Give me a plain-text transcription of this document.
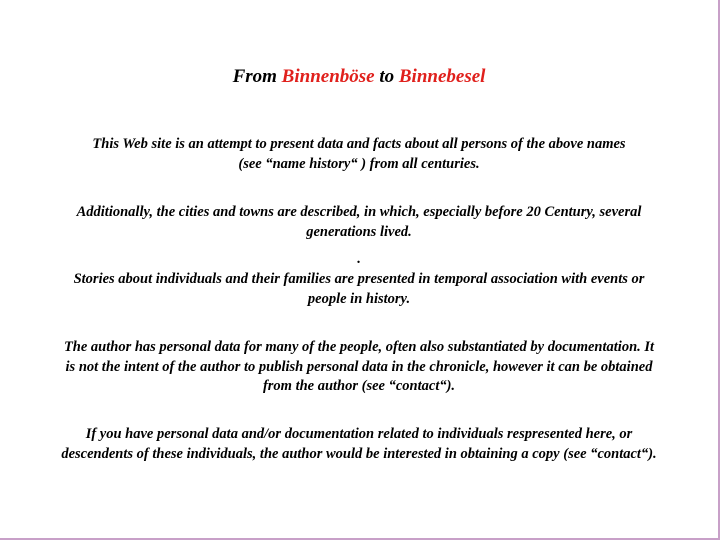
From Binnenböse to Binnebesel

This Web site is an attempt to present data and facts about all persons of the above names

(see “name history“ ) from all centuries.

Additionally, the cities and towns are described, in which, especially before 20 Century, several

generations lived.

.

Stories about individuals and their families are presented in temporal association with events or

people in history.

The author has personal data for many of the people, often also substantiated by documentation. It

is not the intent of the author to publish personal data in the chronicle, however it can be obtained

from the author (see “contact“).

If you have personal data and/or documentation related to individuals respresented here, or

descendents of these individuals, the author would be interested in obtaining a copy (see “contact“).
